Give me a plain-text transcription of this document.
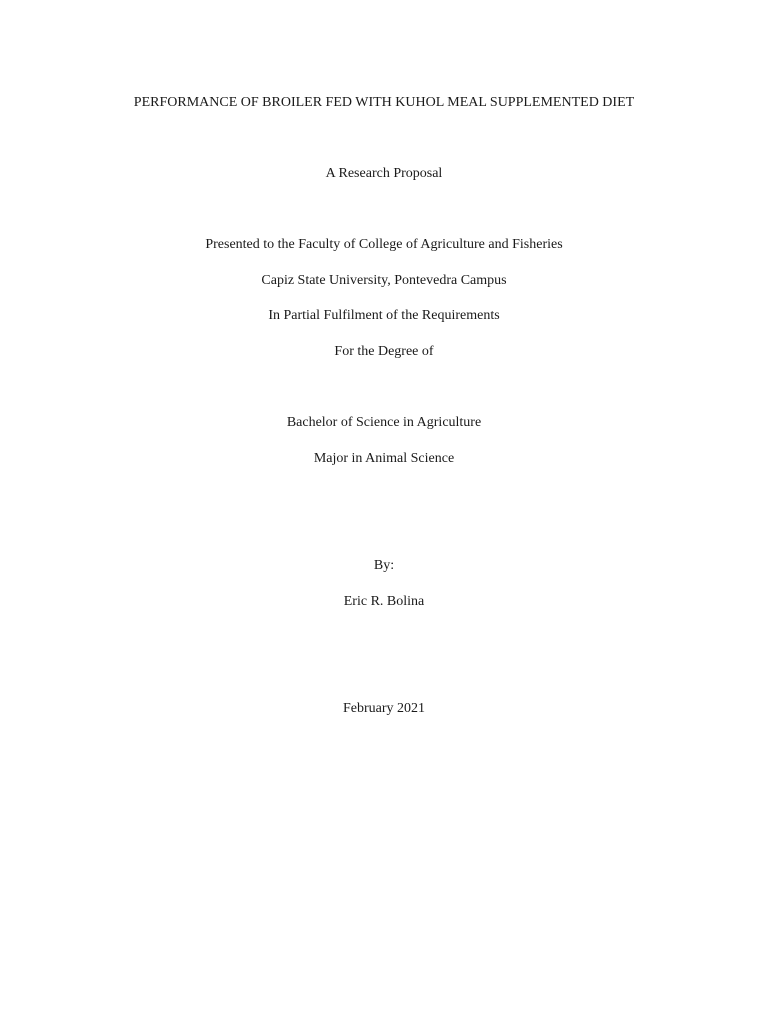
PERFORMANCE OF BROILER FED WITH KUHOL MEAL SUPPLEMENTED DIET
A Research Proposal
Presented to the Faculty of College of Agriculture and Fisheries
Capiz State University, Pontevedra Campus
In Partial Fulfilment of the Requirements
For the Degree of
Bachelor of Science in Agriculture
Major in Animal Science
By:
Eric R. Bolina
February 2021
